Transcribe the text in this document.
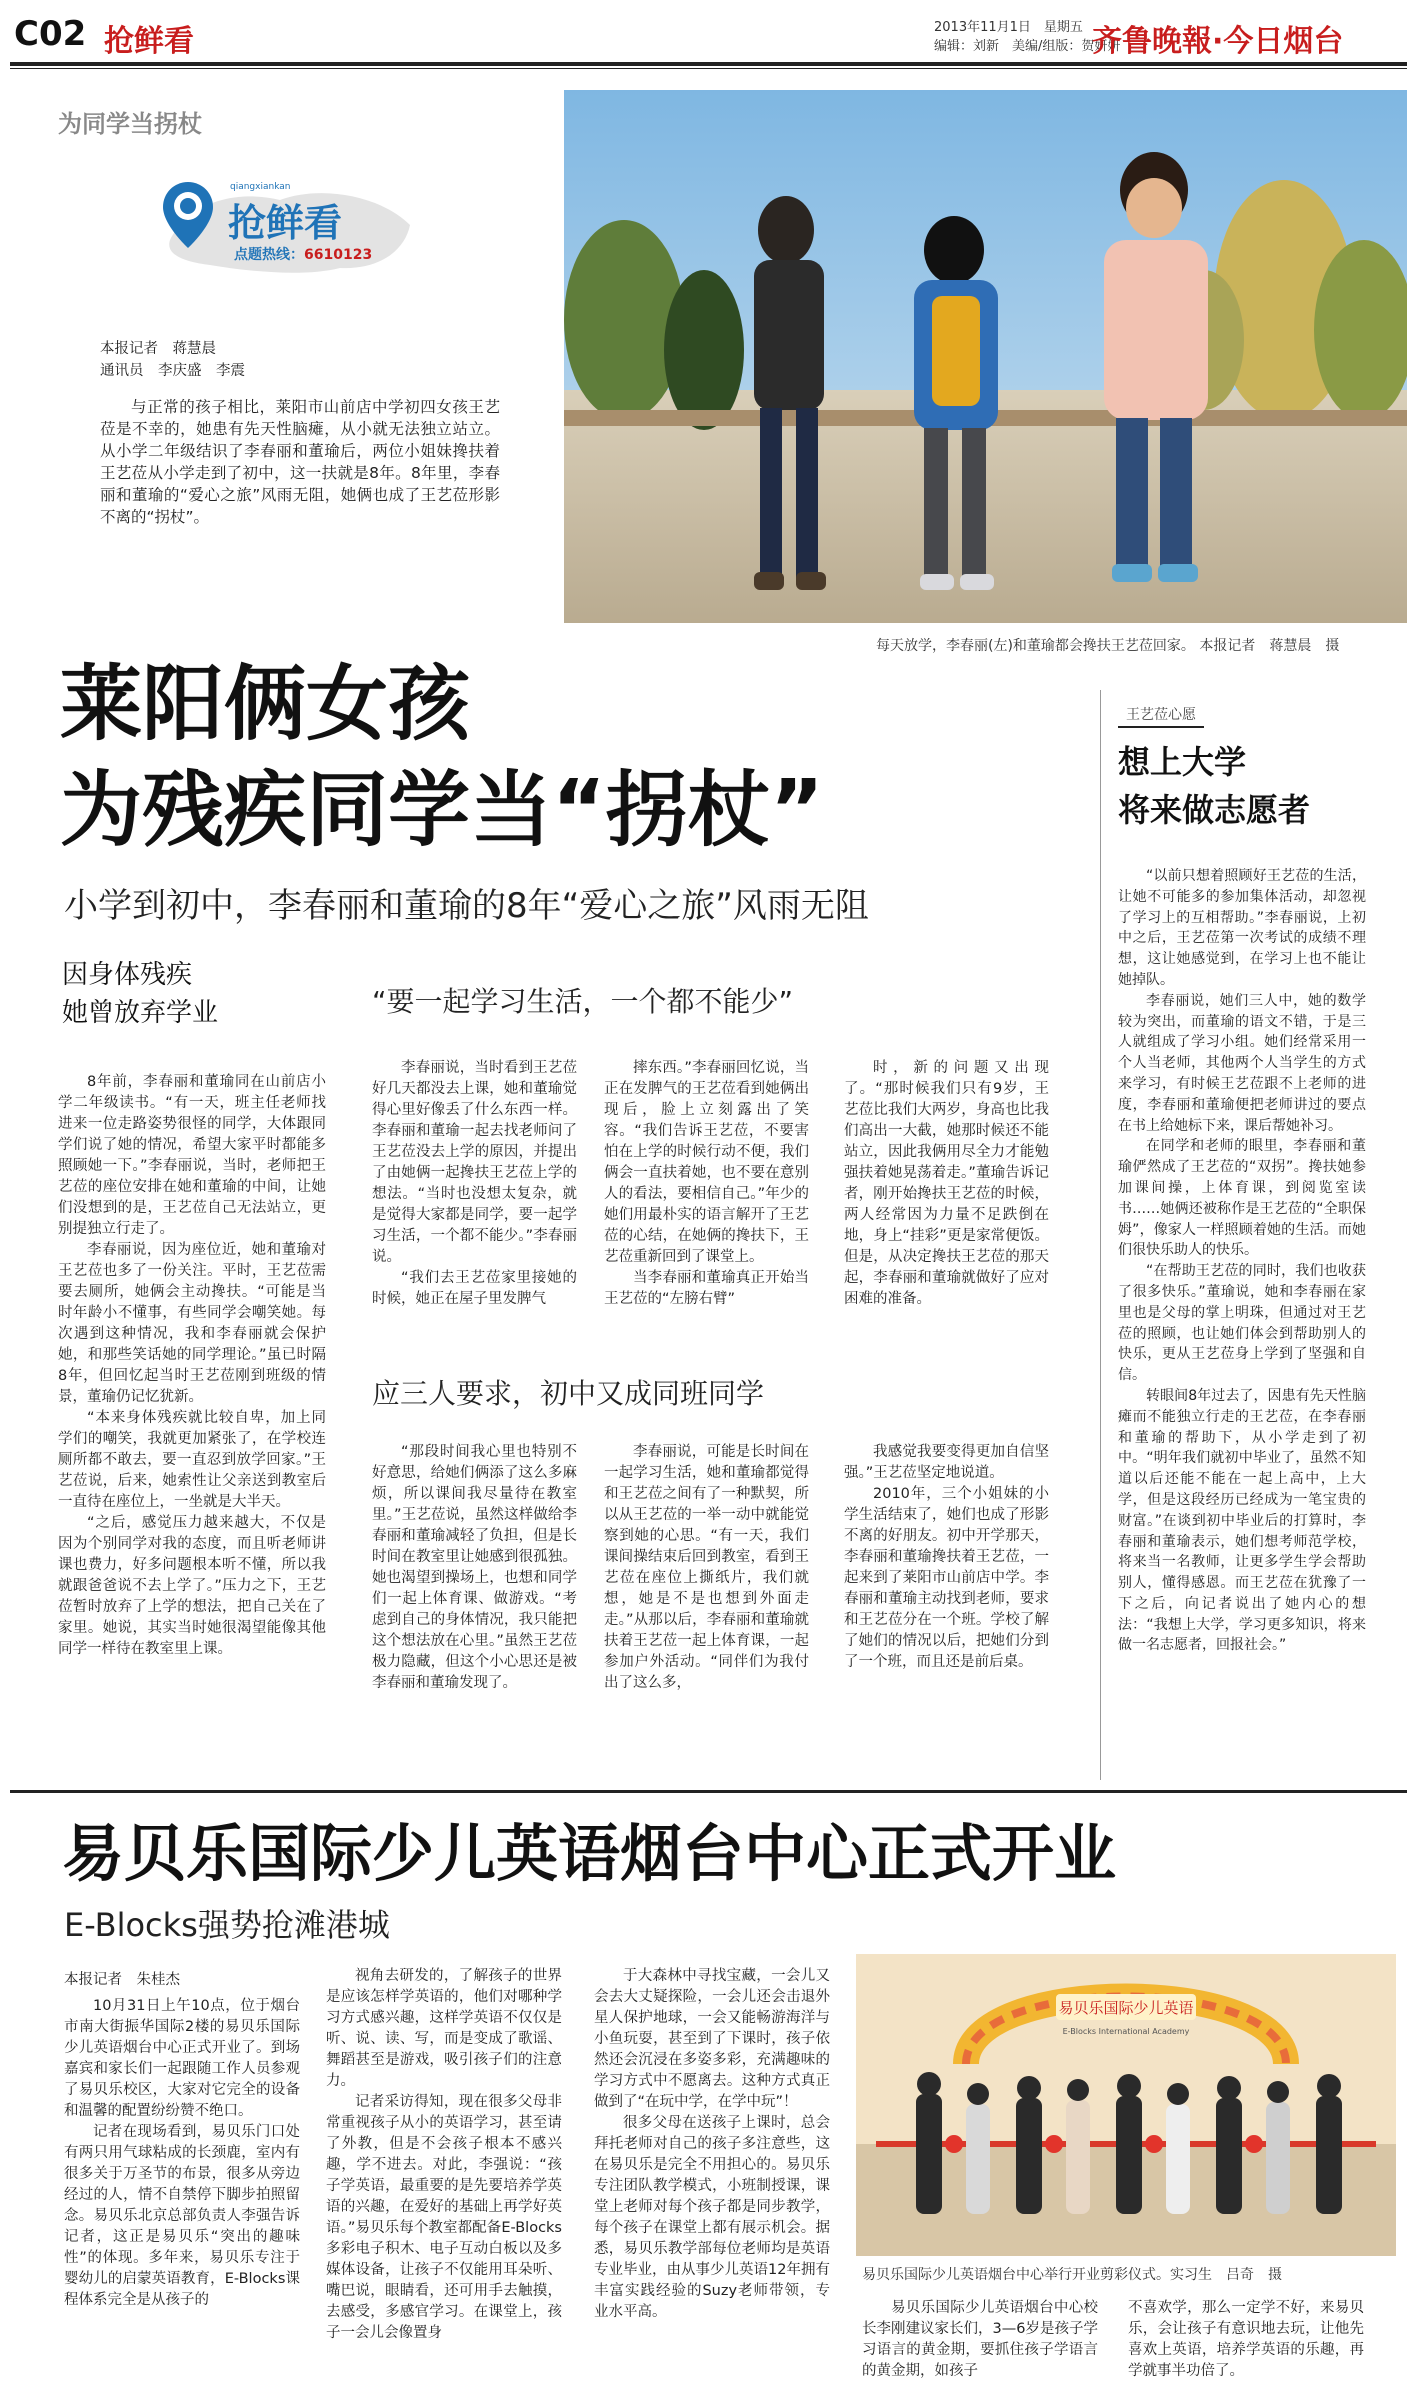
C02 抢鲜看	2013年11月1日　星期五
编辑：刘新　美编/组版：贺妍妍
齐鲁晚報·今日烟台
为同学当拐杖
qiangxiankan
抢鲜看
点题热线：6610123
本报记者　蒋慧晨
通讯员　李庆盛　李震

与正常的孩子相比，莱阳市山前店中学初四女孩王艺莅是不幸的，她患有先天性脑瘫，从小就无法独立站立。从小学二年级结识了李春丽和董瑜后，两位小姐妹搀扶着王艺莅从小学走到了初中，这一扶就是8年。8年里，李春丽和董瑜的“爱心之旅”风雨无阻，她俩也成了王艺莅形影不离的“拐杖”。

每天放学，李春丽(左)和董瑜都会搀扶王艺莅回家。 本报记者　蒋慧晨　摄
莱阳俩女孩
为残疾同学当“拐杖”
小学到初中，李春丽和董瑜的8年“爱心之旅”风雨无阻
因身体残疾
她曾放弃学业	“要一起学习生活，一个都不能少”
应三人要求，初中又成同班同学

8年前，李春丽和董瑜同在山前店小学二年级读书。“有一天，班主任老师找进来一位走路姿势很怪的同学，大体跟同学们说了她的情况，希望大家平时都能多照顾她一下。”李春丽说，当时，老师把王艺莅的座位安排在她和董瑜的中间，让她们没想到的是，王艺莅自己无法站立，更别提独立行走了。

李春丽说，因为座位近，她和董瑜对王艺莅也多了一份关注。平时，王艺莅需要去厕所，她俩会主动搀扶。“可能是当时年龄小不懂事，有些同学会嘲笑她。每次遇到这种情况，我和李春丽就会保护她，和那些笑话她的同学理论。”虽已时隔8年，但回忆起当时王艺莅刚到班级的情景，董瑜仍记忆犹新。

“本来身体残疾就比较自卑，加上同学们的嘲笑，我就更加紧张了，在学校连厕所都不敢去，要一直忍到放学回家。”王艺莅说，后来，她索性让父亲送到教室后一直待在座位上，一坐就是大半天。

“之后，感觉压力越来越大，不仅是因为个别同学对我的态度，而且听老师讲课也费力，好多问题根本听不懂，所以我就跟爸爸说不去上学了。”压力之下，王艺莅暂时放弃了上学的想法，把自己关在了家里。她说，其实当时她很渴望能像其他同学一样待在教室里上课。

李春丽说，当时看到王艺莅好几天都没去上课，她和董瑜觉得心里好像丢了什么东西一样。李春丽和董瑜一起去找老师问了王艺莅没去上学的原因，并提出了由她俩一起搀扶王艺莅上学的想法。“当时也没想太复杂，就是觉得大家都是同学，要一起学习生活，一个都不能少。”李春丽说。

“我们去王艺莅家里接她的时候，她正在屋子里发脾气

摔东西。”李春丽回忆说，当正在发脾气的王艺莅看到她俩出现后，脸上立刻露出了笑容。“我们告诉王艺莅，不要害怕在上学的时候行动不便，我们俩会一直扶着她，也不要在意别人的看法，要相信自己。”年少的她们用最朴实的语言解开了王艺莅的心结，在她俩的搀扶下，王艺莅重新回到了课堂上。

当李春丽和董瑜真正开始当王艺莅的“左膀右臂”

时，新的问题又出现了。“那时候我们只有9岁，王艺莅比我们大两岁，身高也比我们高出一大截，她那时候还不能站立，因此我俩用尽全力才能勉强扶着她晃荡着走。”董瑜告诉记者，刚开始搀扶王艺莅的时候，两人经常因为力量不足跌倒在地，身上“挂彩”更是家常便饭。但是，从决定搀扶王艺莅的那天起，李春丽和董瑜就做好了应对困难的准备。

“那段时间我心里也特别不好意思，给她们俩添了这么多麻烦，所以课间我尽量待在教室里。”王艺莅说，虽然这样做给李春丽和董瑜减轻了负担，但是长时间在教室里让她感到很孤独。她也渴望到操场上，也想和同学们一起上体育课、做游戏。“考虑到自己的身体情况，我只能把这个想法放在心里。”虽然王艺莅极力隐藏，但这个小心思还是被李春丽和董瑜发现了。

李春丽说，可能是长时间在一起学习生活，她和董瑜都觉得和王艺莅之间有了一种默契，所以从王艺莅的一举一动中就能觉察到她的心思。“有一天，我们课间操结束后回到教室，看到王艺莅在座位上撕纸片，我们就想，她是不是也想到外面走走。”从那以后，李春丽和董瑜就扶着王艺莅一起上体育课，一起参加户外活动。“同伴们为我付出了这么多，

我感觉我要变得更加自信坚强。”王艺莅坚定地说道。

2010年，三个小姐妹的小学生活结束了，她们也成了形影不离的好朋友。初中开学那天，李春丽和董瑜搀扶着王艺莅，一起来到了莱阳市山前店中学。李春丽和董瑜主动找到老师，要求和王艺莅分在一个班。学校了解了她们的情况以后，把她们分到了一个班，而且还是前后桌。

王艺莅心愿
想上大学
将来做志愿者

“以前只想着照顾好王艺莅的生活，让她不可能多的参加集体活动，却忽视了学习上的互相帮助。”李春丽说，上初中之后，王艺莅第一次考试的成绩不理想，这让她感觉到，在学习上也不能让她掉队。

李春丽说，她们三人中，她的数学较为突出，而董瑜的语文不错，于是三人就组成了学习小组。她们经常采用一个人当老师，其他两个人当学生的方式来学习，有时候王艺莅跟不上老师的进度，李春丽和董瑜便把老师讲过的要点在书上给她标下来，课后帮她补习。

在同学和老师的眼里，李春丽和董瑜俨然成了王艺莅的“双拐”。搀扶她参加课间操，上体育课，到阅览室读书……她俩还被称作是王艺莅的“全职保姆”，像家人一样照顾着她的生活。而她们很快乐助人的快乐。

“在帮助王艺莅的同时，我们也收获了很多快乐。”董瑜说，她和李春丽在家里也是父母的掌上明珠，但通过对王艺莅的照顾，也让她们体会到帮助别人的快乐，更从王艺莅身上学到了坚强和自信。

转眼间8年过去了，因患有先天性脑瘫而不能独立行走的王艺莅，在李春丽和董瑜的帮助下，从小学走到了初中。“明年我们就初中毕业了，虽然不知道以后还能不能在一起上高中，上大学，但是这段经历已经成为一笔宝贵的财富。”在谈到初中毕业后的打算时，李春丽和董瑜表示，她们想考师范学校，将来当一名教师，让更多学生学会帮助别人，懂得感恩。而王艺莅在犹豫了一下之后，向记者说出了她内心的想法：“我想上大学，学习更多知识，将来做一名志愿者，回报社会。”

易贝乐国际少儿英语烟台中心正式开业
E-Blocks强势抢滩港城
本报记者　朱桂杰

10月31日上午10点，位于烟台市南大街振华国际2楼的易贝乐国际少儿英语烟台中心正式开业了。到场嘉宾和家长们一起跟随工作人员参观了易贝乐校区，大家对它完全的设备和温馨的配置纷纷赞不绝口。

记者在现场看到，易贝乐门口处有两只用气球粘成的长颈鹿，室内有很多关于万圣节的布景，很多从旁边经过的人，情不自禁停下脚步拍照留念。易贝乐北京总部负责人李强告诉记者，这正是易贝乐“突出的趣味性”的体现。多年来，易贝乐专注于婴幼儿的启蒙英语教育，E-Blocks课程体系完全是从孩子的

视角去研发的，了解孩子的世界是应该怎样学英语的，他们对哪种学习方式感兴趣，这样学英语不仅仅是听、说、读、写，而是变成了歌谣、舞蹈甚至是游戏，吸引孩子们的注意力。

记者采访得知，现在很多父母非常重视孩子从小的英语学习，甚至请了外教，但是不会孩子根本不感兴趣，学不进去。对此，李强说：“孩子学英语，最重要的是先要培养学英语的兴趣，在爱好的基础上再学好英语。”易贝乐每个教室都配备E-Blocks多彩电子积木、电子互动白板以及多媒体设备，让孩子不仅能用耳朵听、嘴巴说，眼睛看，还可用手去触摸，去感受，多感官学习。在课堂上，孩子一会儿会像置身

于大森林中寻找宝藏，一会儿又会去大丈疑探险，一会儿还会击退外星人保护地球，一会又能畅游海洋与小鱼玩耍，甚至到了下课时，孩子依然还会沉浸在多姿多彩，充满趣味的学习方式中不愿离去。这种方式真正做到了“在玩中学，在学中玩”！

很多父母在送孩子上课时，总会拜托老师对自己的孩子多注意些，这在易贝乐是完全不用担心的。易贝乐专注团队教学模式，小班制授课，课堂上老师对每个孩子都是同步教学，每个孩子在课堂上都有展示机会。据悉，易贝乐教学部每位老师均是英语专业毕业，由从事少儿英语12年拥有丰富实践经验的Suzy老师带领，专业水平高。

易贝乐国际少儿英语
E-Blocks International Academy
易贝乐国际少儿英语烟台中心举行开业剪彩仪式。实习生　吕奇　摄

易贝乐国际少儿英语烟台中心校长李刚建议家长们，3—6岁是孩子学习语言的黄金期，要抓住孩子学语言的黄金期，如孩子

不喜欢学，那么一定学不好，来易贝乐，会让孩子有意识地去玩，让他先喜欢上英语，培养学英语的乐趣，再学就事半功倍了。
